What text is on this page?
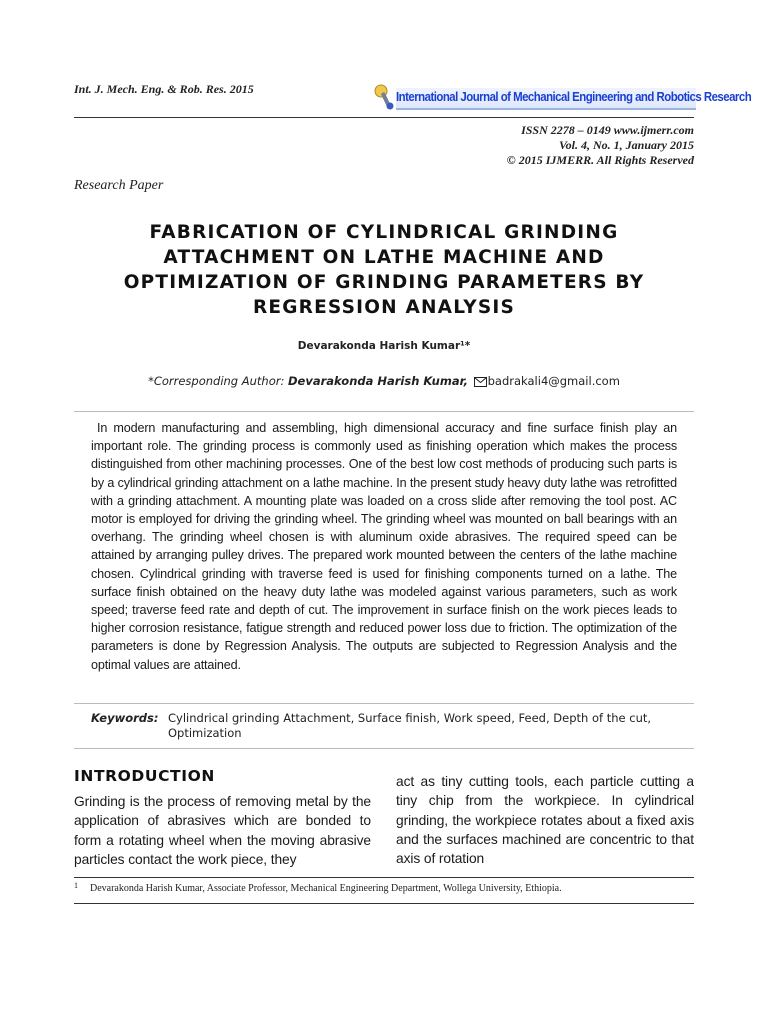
Int. J. Mech. Eng. & Rob. Res. 2015	International Journal of Mechanical Engineering and Robotics Research
ISSN 2278 – 0149 www.ijmerr.com
Vol. 4, No. 1, January 2015
© 2015 IJMERR. All Rights Reserved
Research Paper
FABRICATION OF CYLINDRICAL GRINDING
ATTACHMENT ON LATHE MACHINE AND
OPTIMIZATION OF GRINDING PARAMETERS BY
REGRESSION ANALYSIS
Devarakonda Harish Kumar¹*
*Corresponding Author: Devarakonda Harish Kumar, badrakali4@gmail.com
In modern manufacturing and assembling, high dimensional accuracy and fine surface finish play an important role. The grinding process is commonly used as finishing operation which makes the process distinguished from other machining processes. One of the best low cost methods of producing such parts is by a cylindrical grinding attachment on a lathe machine. In the present study heavy duty lathe was retrofitted with a grinding attachment. A mounting plate was loaded on a cross slide after removing the tool post. AC motor is employed for driving the grinding wheel. The grinding wheel was mounted on ball bearings with an overhang. The grinding wheel chosen is with aluminum oxide abrasives. The required speed can be attained by arranging pulley drives. The prepared work mounted between the centers of the lathe machine chosen. Cylindrical grinding with traverse feed is used for finishing components turned on a lathe. The surface finish obtained on the heavy duty lathe was modeled against various parameters, such as work speed; traverse feed rate and depth of cut. The improvement in surface finish on the work pieces leads to higher corrosion resistance, fatigue strength and reduced power loss due to friction. The optimization of the parameters is done by Regression Analysis. The outputs are subjected to Regression Analysis and the optimal values are attained.
Keywords: Cylindrical grinding Attachment, Surface finish, Work speed, Feed, Depth of the cut, Optimization
INTRODUCTION
Grinding is the process of removing metal by the application of abrasives which are bonded to form a rotating wheel when the moving abrasive particles contact the work piece, they
act as tiny cutting tools, each particle cutting a tiny chip from the workpiece. In cylindrical grinding, the workpiece rotates about a fixed axis and the surfaces machined are concentric to that axis of rotation
1 Devarakonda Harish Kumar, Associate Professor, Mechanical Engineering Department, Wollega University, Ethiopia.
